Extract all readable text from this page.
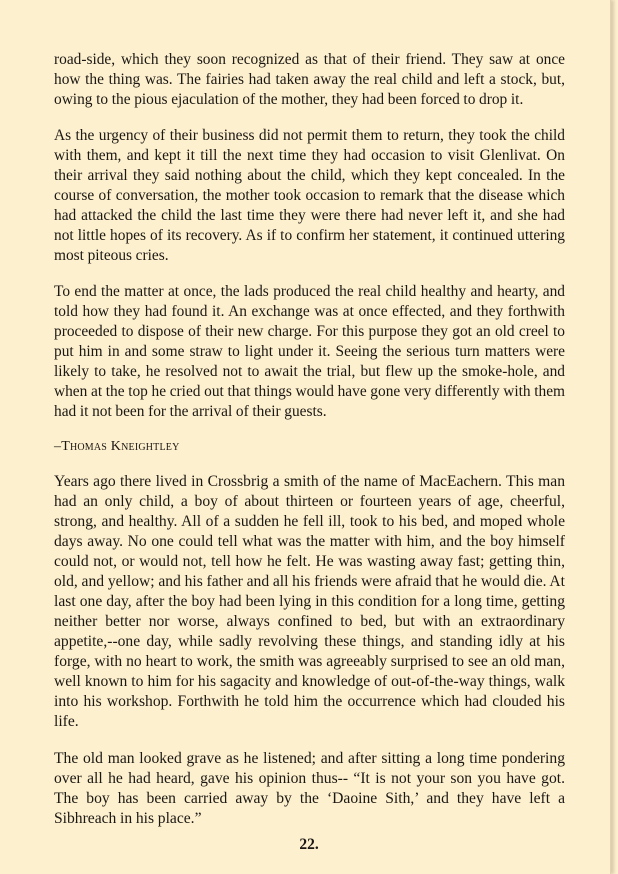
road-side, which they soon recognized as that of their friend. They saw at once how the thing was. The fairies had taken away the real child and left a stock, but, owing to the pious ejaculation of the mother, they had been forced to drop it.

As the urgency of their business did not permit them to return, they took the child with them, and kept it till the next time they had occasion to visit Glenlivat. On their arrival they said nothing about the child, which they kept concealed. In the course of conversation, the mother took occasion to remark that the disease which had attacked the child the last time they were there had never left it, and she had not little hopes of its recovery. As if to confirm her statement, it continued uttering most piteous cries.

To end the matter at once, the lads produced the real child healthy and hearty, and told how they had found it. An exchange was at once effected, and they forthwith proceeded to dispose of their new charge. For this purpose they got an old creel to put him in and some straw to light under it. Seeing the serious turn matters were likely to take, he resolved not to await the trial, but flew up the smoke-hole, and when at the top he cried out that things would have gone very differently with them had it not been for the arrival of their guests.

–Thomas Kneightley

Years ago there lived in Crossbrig a smith of the name of MacEachern. This man had an only child, a boy of about thirteen or fourteen years of age, cheerful, strong, and healthy. All of a sudden he fell ill, took to his bed, and moped whole days away. No one could tell what was the matter with him, and the boy himself could not, or would not, tell how he felt. He was wasting away fast; getting thin, old, and yellow; and his father and all his friends were afraid that he would die. At last one day, after the boy had been lying in this condition for a long time, getting neither better nor worse, always confined to bed, but with an extraordinary appetite,--one day, while sadly revolving these things, and standing idly at his forge, with no heart to work, the smith was agreeably surprised to see an old man, well known to him for his sagacity and knowledge of out-of-the-way things, walk into his workshop. Forthwith he told him the occurrence which had clouded his life.

The old man looked grave as he listened; and after sitting a long time pondering over all he had heard, gave his opinion thus-- “It is not your son you have got. The boy has been carried away by the ‘Daoine Sith,’ and they have left a Sibhreach in his place.”

22.
